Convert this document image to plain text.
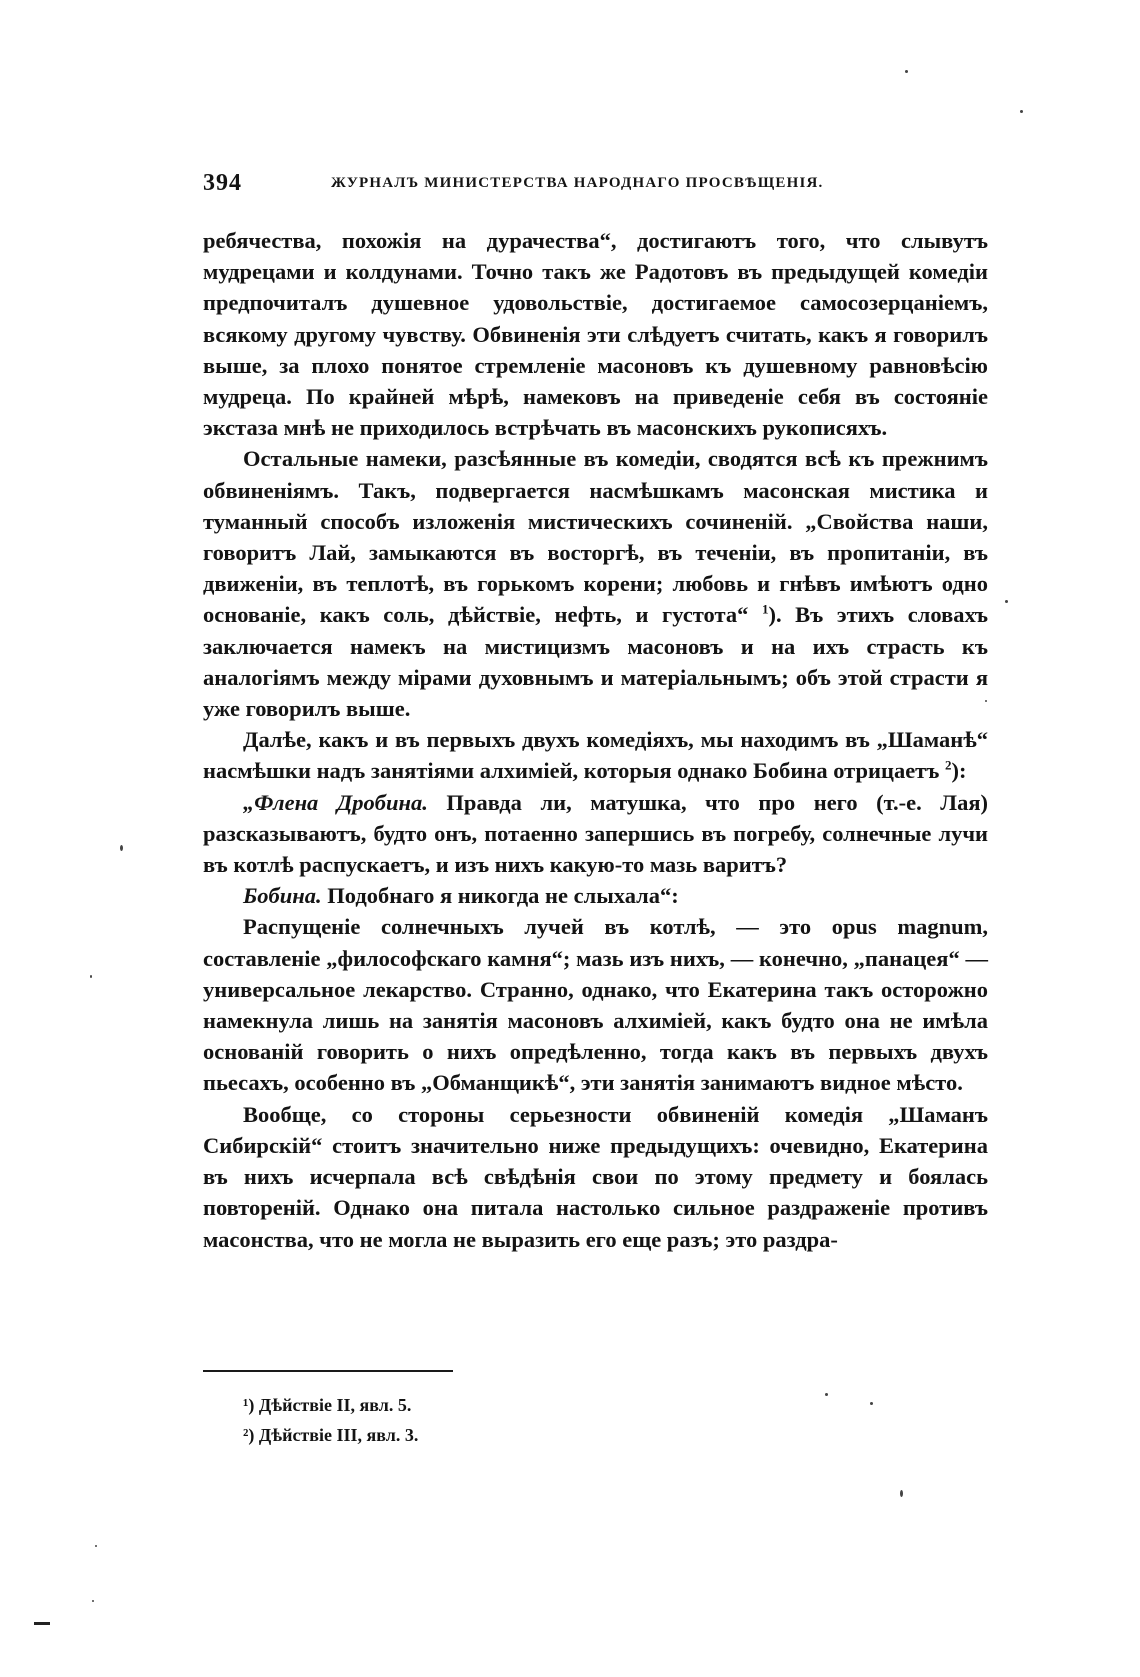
394	ЖУРНАЛЪ МИНИСТЕРСТВА НАРОДНАГО ПРОСВѢЩЕНІЯ.

ребячества, похожія на дурачества“, достигаютъ того, что слывутъ мудрецами и колдунами. Точно такъ же Радотовъ въ предыдущей комедіи предпочиталъ душевное удовольствіе, достигаемое самосозерцаніемъ, всякому другому чувству. Обвиненія эти слѣдуетъ считать, какъ я говорилъ выше, за плохо понятое стремленіе масоновъ къ душевному равновѣсію мудреца. По крайней мѣрѣ, намековъ на приведеніе себя въ состояніе экстаза мнѣ не приходилось встрѣчать въ масонскихъ рукописяхъ.

Остальные намеки, разсѣянные въ комедіи, сводятся всѣ къ прежнимъ обвиненіямъ. Такъ, подвергается насмѣшкамъ масонская мистика и туманный способъ изложенія мистическихъ сочиненій. „Свойства наши, говоритъ Лай, замыкаются въ восторгѣ, въ теченіи, въ пропитаніи, въ движеніи, въ теплотѣ, въ горькомъ корени; любовь и гнѣвъ имѣютъ одно основаніе, какъ соль, дѣйствіе, нефть, и густота“ $^1$). Въ этихъ словахъ заключается намекъ на мистицизмъ масоновъ и на ихъ страсть къ аналогіямъ между мірами духовнымъ и матеріальнымъ; объ этой страсти я уже говорилъ выше.

Далѣе, какъ и въ первыхъ двухъ комедіяхъ, мы находимъ въ „Шаманѣ“ насмѣшки надъ занятіями алхиміей, которыя однако Бобина отрицаетъ $^2$):

„Флена Дробина. Правда ли, матушка, что про него (т.-е. Лая) разсказываютъ, будто онъ, потаенно запершись въ погребу, солнечные лучи въ котлѣ распускаетъ, и изъ нихъ какую-то мазь варитъ?

Бобина. Подобнаго я никогда не слыхала“:

Распущеніе солнечныхъ лучей въ котлѣ, — это opus magnum, составленіе „философскаго камня“; мазь изъ нихъ, — конечно, „панацея“ — универсальное лекарство. Странно, однако, что Екатерина такъ осторожно намекнула лишь на занятія масоновъ алхиміей, какъ будто она не имѣла основаній говорить о нихъ опредѣленно, тогда какъ въ первыхъ двухъ пьесахъ, особенно въ „Обманщикѣ“, эти занятія занимаютъ видное мѣсто.

Вообще, со стороны серьезности обвиненій комедія „Шаманъ Сибирскій“ стоитъ значительно ниже предыдущихъ: очевидно, Екатерина въ нихъ исчерпала всѣ свѣдѣнія свои по этому предмету и боялась повтореній. Однако она питала настолько сильное раздраженіе противъ масонства, что не могла не выразить его еще разъ; это раздра-

¹) Дѣйствіе II, явл. 5.
²) Дѣйствіе III, явл. 3.
